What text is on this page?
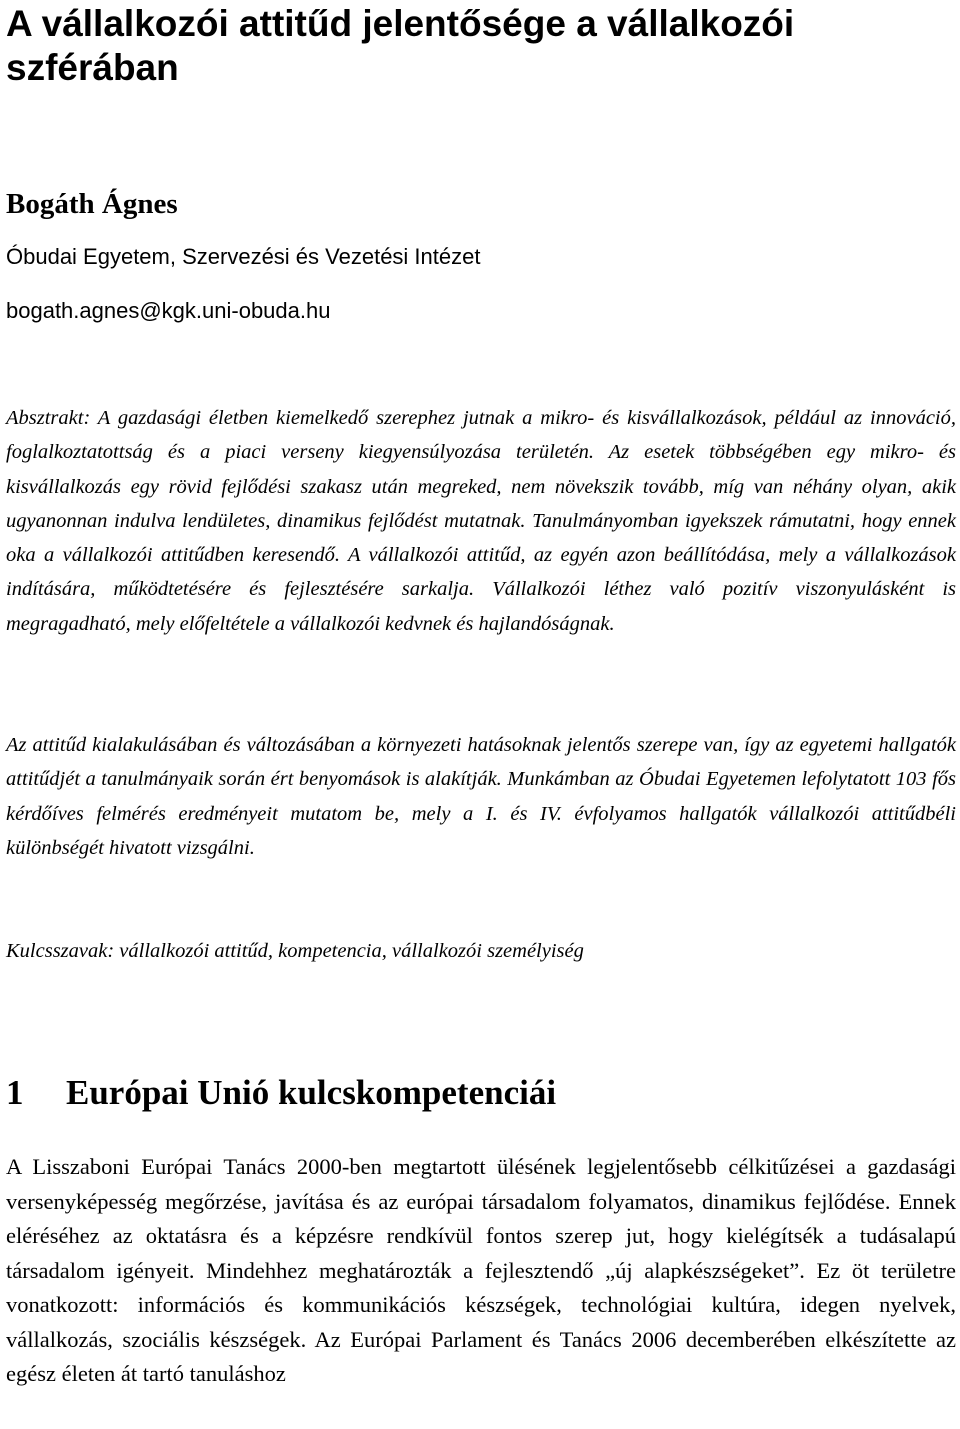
A vállalkozói attitűd jelentősége a vállalkozói szférában
Bogáth Ágnes
Óbudai Egyetem, Szervezési és Vezetési Intézet
bogath.agnes@kgk.uni-obuda.hu

Absztrakt: A gazdasági életben kiemelkedő szerephez jutnak a mikro- és kisvállalkozások, például az innováció, foglalkoztatottság és a piaci verseny kiegyensúlyozása területén. Az esetek többségében egy mikro- és kisvállalkozás egy rövid fejlődési szakasz után megreked, nem növekszik tovább, míg van néhány olyan, akik ugyanonnan indulva lendületes, dinamikus fejlődést mutatnak. Tanulmányomban igyekszek rámutatni, hogy ennek oka a vállalkozói attitűdben keresendő. A vállalkozói attitűd, az egyén azon beállítódása, mely a vállalkozások indítására, működtetésére és fejlesztésére sarkalja. Vállalkozói léthez való pozitív viszonyulásként is megragadható, mely előfeltétele a vállalkozói kedvnek és hajlandóságnak.

Az attitűd kialakulásában és változásában a környezeti hatásoknak jelentős szerepe van, így az egyetemi hallgatók attitűdjét a tanulmányaik során ért benyomások is alakítják. Munkámban az Óbudai Egyetemen lefolytatott 103 fős kérdőíves felmérés eredményeit mutatom be, mely a I. és IV. évfolyamos hallgatók vállalkozói attitűdbéli különbségét hivatott vizsgálni.

Kulcsszavak: vállalkozói attitűd, kompetencia, vállalkozói személyiség

1 Európai Unió kulcskompetenciái

A Lisszaboni Európai Tanács 2000-ben megtartott ülésének legjelentősebb célkitűzései a gazdasági versenyképesség megőrzése, javítása és az európai társadalom folyamatos, dinamikus fejlődése. Ennek eléréséhez az oktatásra és a képzésre rendkívül fontos szerep jut, hogy kielégítsék a tudásalapú társadalom igényeit. Mindehhez meghatározták a fejlesztendő „új alapkészségeket”. Ez öt területre vonatkozott: információs és kommunikációs készségek, technológiai kultúra, idegen nyelvek, vállalkozás, szociális készségek. Az Európai Parlament és Tanács 2006 decemberében elkészítette az egész életen át tartó tanuláshoz
